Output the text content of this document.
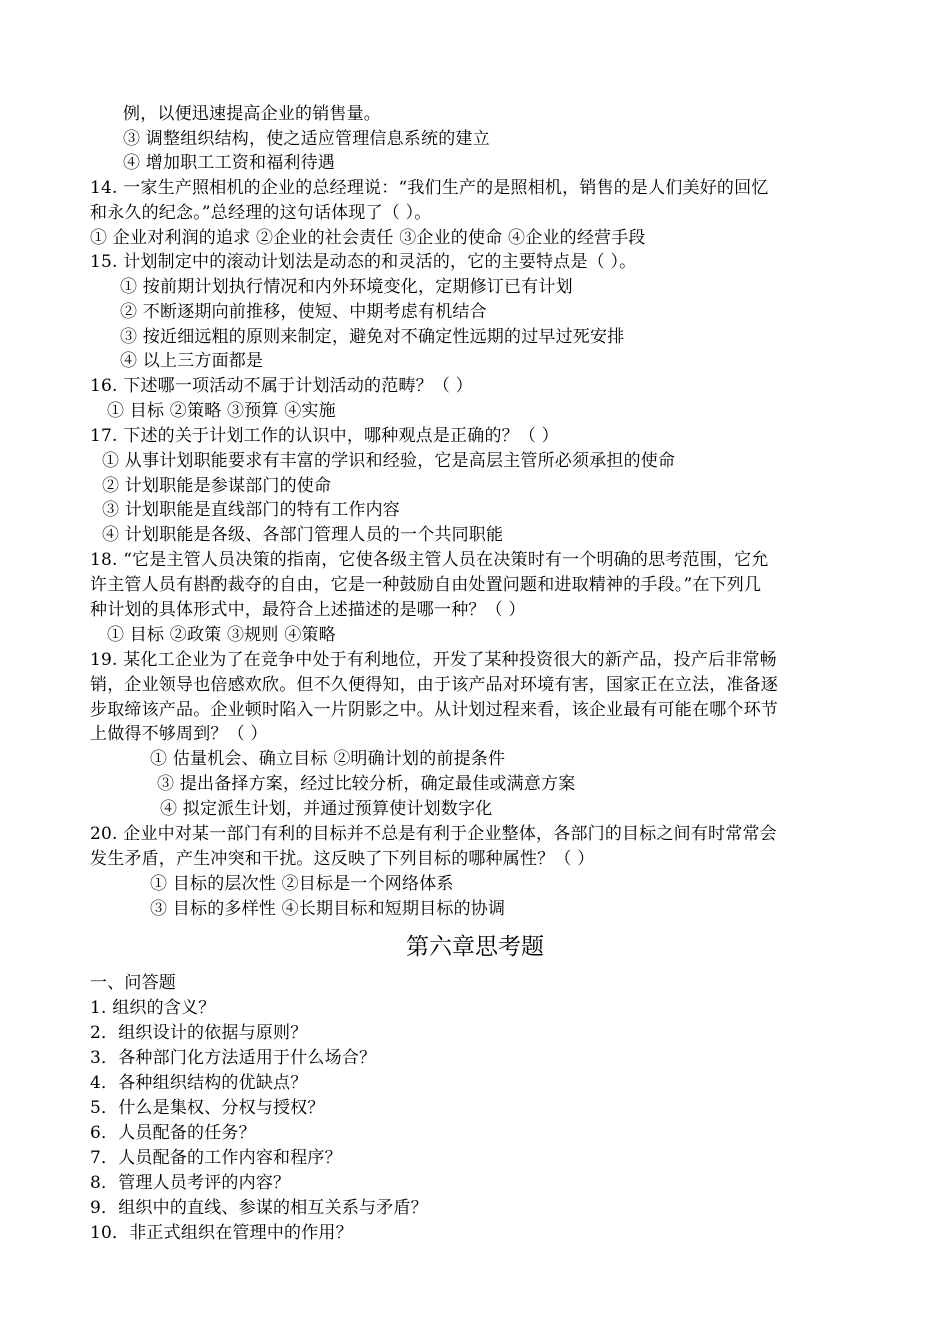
例，以便迅速提高企业的销售量。

③ 调整组织结构，使之适应管理信息系统的建立

④ 增加职工工资和福利待遇

14. 一家生产照相机的企业的总经理说：“我们生产的是照相机，销售的是人们美好的回忆

和永久的纪念。”总经理的这句话体现了（ ）。

① 企业对利润的追求 ②企业的社会责任 ③企业的使命 ④企业的经营手段

15. 计划制定中的滚动计划法是动态的和灵活的，它的主要特点是（ ）。

① 按前期计划执行情况和内外环境变化，定期修订已有计划

② 不断逐期向前推移，使短、中期考虑有机结合

③ 按近细远粗的原则来制定，避免对不确定性远期的过早过死安排

④ 以上三方面都是

16. 下述哪一项活动不属于计划活动的范畴？（ ）

① 目标 ②策略 ③预算 ④实施

17. 下述的关于计划工作的认识中，哪种观点是正确的？（ ）

① 从事计划职能要求有丰富的学识和经验，它是高层主管所必须承担的使命

② 计划职能是参谋部门的使命

③ 计划职能是直线部门的特有工作内容

④ 计划职能是各级、各部门管理人员的一个共同职能

18. “它是主管人员决策的指南，它使各级主管人员在决策时有一个明确的思考范围，它允

许主管人员有斟酌裁夺的自由，它是一种鼓励自由处置问题和进取精神的手段。”在下列几

种计划的具体形式中，最符合上述描述的是哪一种？（ ）

① 目标 ②政策 ③规则 ④策略

19. 某化工企业为了在竞争中处于有利地位，开发了某种投资很大的新产品，投产后非常畅

销，企业领导也倍感欢欣。但不久便得知，由于该产品对环境有害，国家正在立法，准备逐

步取缔该产品。企业顿时陷入一片阴影之中。从计划过程来看，该企业最有可能在哪个环节

上做得不够周到？（ ）

① 估量机会、确立目标 ②明确计划的前提条件

③ 提出备择方案，经过比较分析，确定最佳或满意方案

④ 拟定派生计划，并通过预算使计划数字化

20. 企业中对某一部门有利的目标并不总是有利于企业整体，各部门的目标之间有时常常会

发生矛盾，产生冲突和干扰。这反映了下列目标的哪种属性？（ ）

① 目标的层次性 ②目标是一个网络体系

③ 目标的多样性 ④长期目标和短期目标的协调

第六章思考题

一、问答题

1. 组织的含义？

2．组织设计的依据与原则？

3．各种部门化方法适用于什么场合？

4．各种组织结构的优缺点？

5．什么是集权、分权与授权？

6．人员配备的任务？

7．人员配备的工作内容和程序？

8．管理人员考评的内容？

9．组织中的直线、参谋的相互关系与矛盾？

10．非正式组织在管理中的作用？
